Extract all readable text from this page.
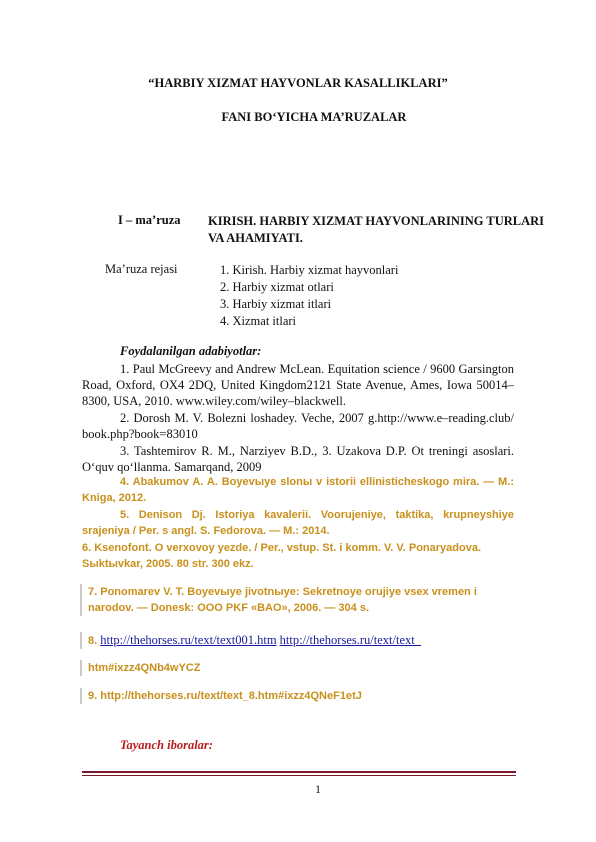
“HARBIY XIZMAT HAYVONLAR KASALLIKLARI”
FANI BO‘YICHA MA’RUZALAR
I – ma’ruza KIRISH. HARBIY XIZMAT HAYVONLARINING TURLARI VA AHAMIYATI.
Ma’ruza rejasi	1. Kirish. Harbiy xizmat hayvonlari
2. Harbiy xizmat otlari
3. Harbiy xizmat itlari
4. Xizmat itlari
Foydalanilgan adabiyotlar:
1. Paul McGreevy and Andrew McLean. Equitation science / 9600 Garsington Road, Oxford, OX4 2DQ, United Kingdom2121 State Avenue, Ames, Iowa 50014–8300, USA, 2010. www.wiley.com/wiley–blackwell.
2. Dorosh M. V. Bolezni loshadey. Veche, 2007 g.http://www.e–reading.club/ book.php?book=83010
3. Tashtemirov R. M., Narziyev B.D., 3. Uzakova D.P. Ot treningi asoslari. O‘quv qo‘llanma. Samarqand, 2009
4. Abakumov A. A. Boyevыye slonы v istorii ellinisticheskogo mira. — M.: Kniga, 2012.
5. Denison Dj. Istoriya kavalerii. Voorujeniye, taktika, krupneyshiye srajeniya / Per. s angl. S. Fedorova. — M.: 2014.
6. Ksenofont. O verxovoy yezde. / Per., vstup. St. i komm. V. V. Ponaryadova. Sыktыvkar, 2005. 80 str. 300 ekz.
7. Ponomarev V. T. Boyevыye jivotnыye: Sekretnoye orujiye vsex vremen i narodov. — Donesk: OOO PKF «BAO», 2006. — 304 s.
8. http://thehorses.ru/text/text001.htm http://thehorses.ru/text/text_
htm#ixzz4QNb4wYCZ
9. http://thehorses.ru/text/text_8.htm#ixzz4QNeF1etJ
Tayanch iboralar:
1
